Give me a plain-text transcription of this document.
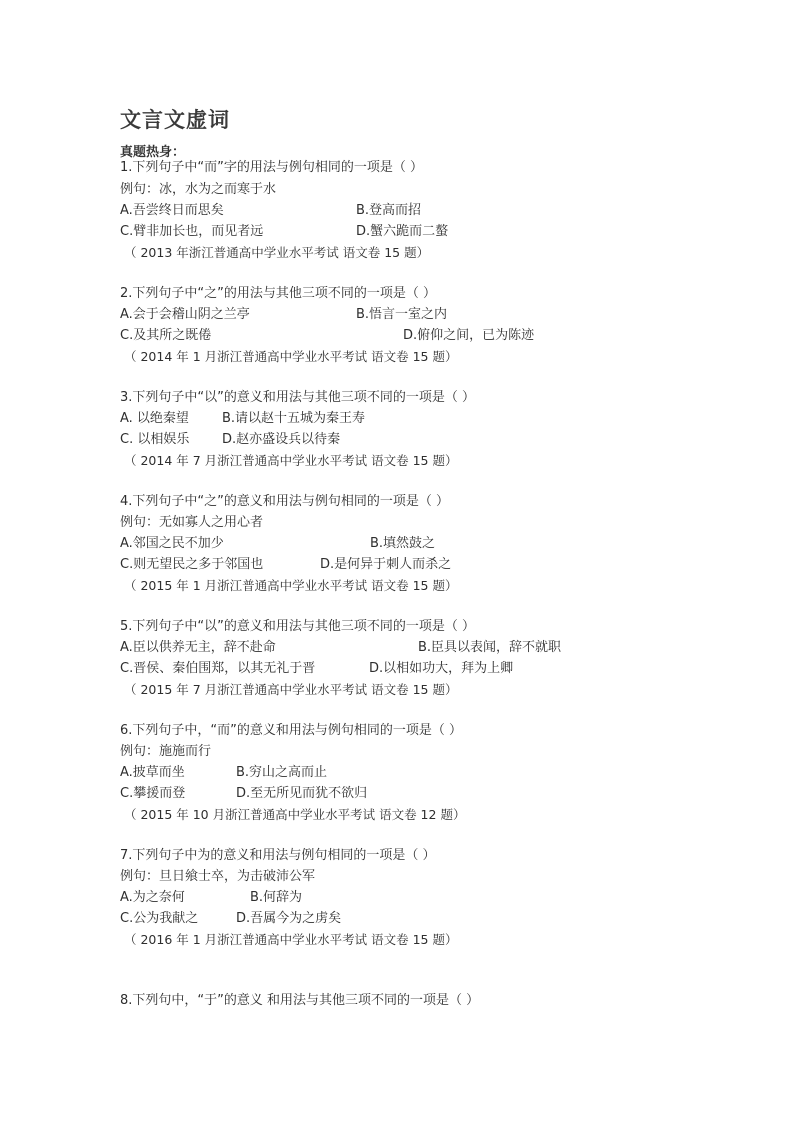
文言文虚词
真题热身：
1.下列句子中“而”字的用法与例句相同的一项是（ ）
例句：冰，水为之而寒于水
A.吾尝终日而思矣	B.登高而招
C.臂非加长也，而见者远	D.蟹六跪而二螯
（ 2013 年浙江普通高中学业水平考试 语文卷 15 题）
2.下列句子中“之”的用法与其他三项不同的一项是（ ）
A.会于会稽山阴之兰亭	B.悟言一室之内
C.及其所之既倦	D.俯仰之间，已为陈迹
（ 2014 年 1 月浙江普通高中学业水平考试 语文卷 15 题）
3.下列句子中“以”的意义和用法与其他三项不同的一项是（ ）
A. 以绝秦望	B.请以赵十五城为秦王寿
C. 以相娱乐	D.赵亦盛设兵以待秦
（ 2014 年 7 月浙江普通高中学业水平考试 语文卷 15 题）
4.下列句子中“之”的意义和用法与例句相同的一项是（ ）
例句：无如寡人之用心者
A.邻国之民不加少	B.填然鼓之
C.则无望民之多于邻国也	D.是何异于刺人而杀之
（ 2015 年 1 月浙江普通高中学业水平考试 语文卷 15 题）
5.下列句子中“以”的意义和用法与其他三项不同的一项是（ ）
A.臣以供养无主，辞不赴命	B.臣具以表闻，辞不就职
C.晋侯、秦伯围郑，以其无礼于晋	D.以相如功大，拜为上卿
（ 2015 年 7 月浙江普通高中学业水平考试 语文卷 15 题）
6.下列句子中，“而”的意义和用法与例句相同的一项是（ ）
例句：施施而行
A.披草而坐	B.穷山之高而止
C.攀援而登	D.至无所见而犹不欲归
（ 2015 年 10 月浙江普通高中学业水平考试 语文卷 12 题）
7.下列句子中为的意义和用法与例句相同的一项是（ ）
例句：旦日飨士卒，为击破沛公军
A.为之奈何	B.何辞为
C.公为我献之	D.吾属今为之虏矣
（ 2016 年 1 月浙江普通高中学业水平考试 语文卷 15 题）
8.下列句中，“于”的意义 和用法与其他三项不同的一项是（ ）
